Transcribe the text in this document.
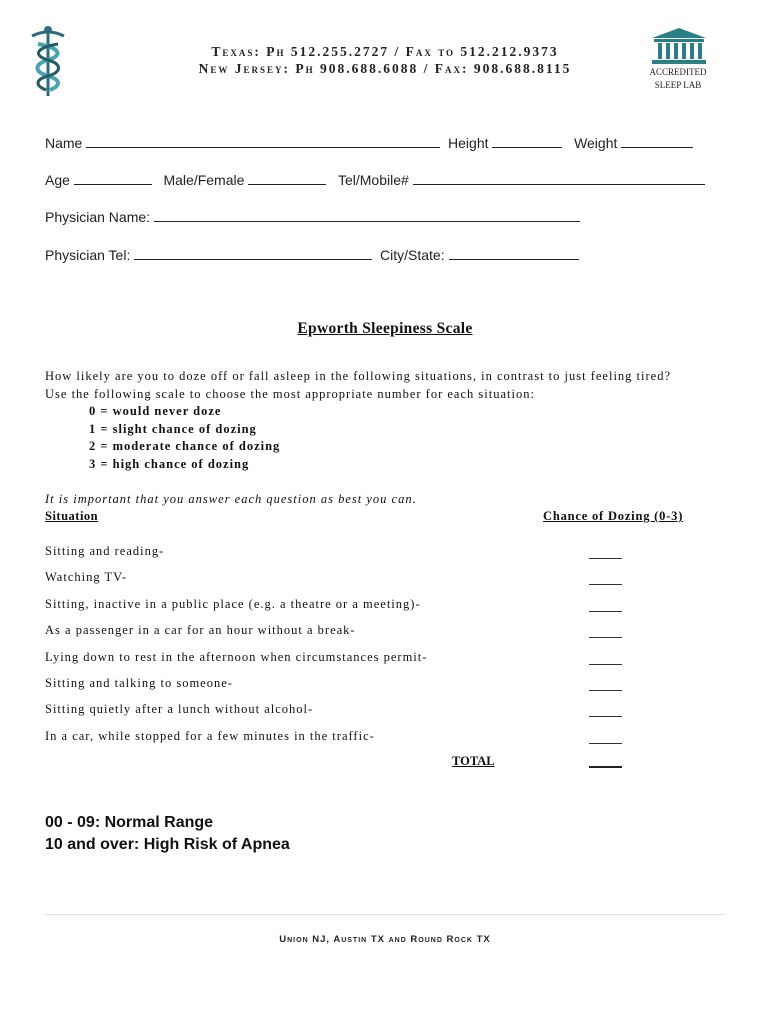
Texas: Ph 512.255.2727 / Fax to 512.212.9373
New Jersey: Ph 908.688.6088 / Fax: 908.688.8115	ACCREDITED
SLEEP LAB
Name	Height	Weight
Age	Male/Female	Tel/Mobile#
Physician Name:
Physician Tel:	City/State:
Epworth Sleepiness Scale
How likely are you to doze off or fall asleep in the following situations, in contrast to just feeling tired?
Use the following scale to choose the most appropriate number for each situation:
0 = would never doze
1 = slight chance of dozing
2 = moderate chance of dozing
3 = high chance of dozing
It is important that you answer each question as best you can.
Situation	Chance of Dozing (0-3)
Sitting and reading-
Watching TV-
Sitting, inactive in a public place (e.g. a theatre or a meeting)-
As a passenger in a car for an hour without a break-
Lying down to rest in the afternoon when circumstances permit-
Sitting and talking to someone-
Sitting quietly after a lunch without alcohol-
In a car, while stopped for a few minutes in the traffic-
TOTAL
00 - 09: Normal Range
10 and over: High Risk of Apnea
Union NJ, Austin TX and Round Rock TX
